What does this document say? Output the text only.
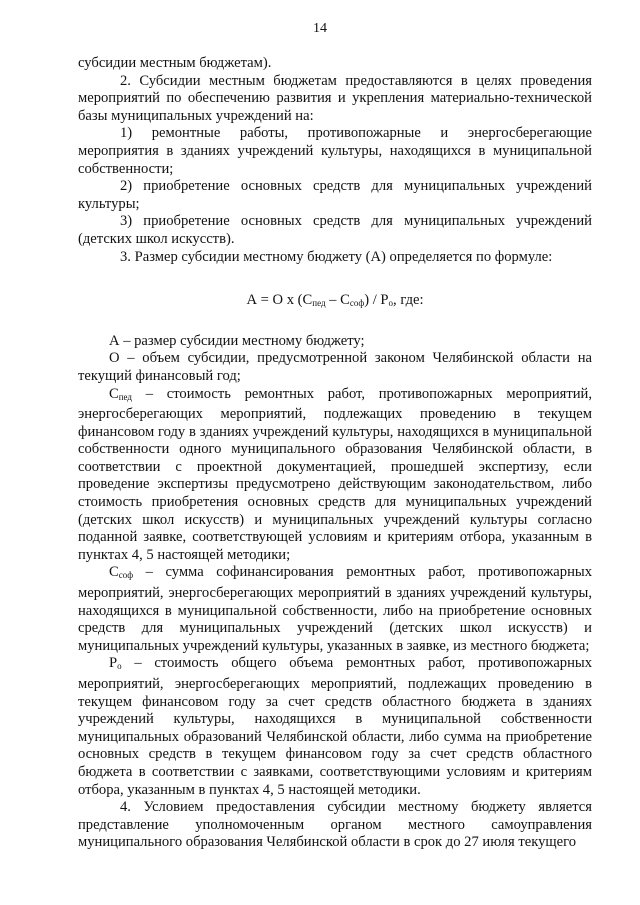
14

субсидии местным бюджетам).

2. Субсидии местным бюджетам предоставляются в целях проведения мероприятий по обеспечению развития и укрепления материально-технической базы муниципальных учреждений на:

1) ремонтные работы, противопожарные и энергосберегающие мероприятия в зданиях учреждений культуры, находящихся в муниципальной собственности;

2) приобретение основных средств для муниципальных учреждений культуры;

3) приобретение основных средств для муниципальных учреждений (детских школ искусств).

3. Размер субсидии местному бюджету (А) определяется по формуле:

А = О х $(С_{пед} - С_{соф}) / Р_о$, где:

А – размер субсидии местному бюджету;

О – объем субсидии, предусмотренной законом Челябинской области на текущий финансовый год;

$С_{пед}$ – стоимость ремонтных работ, противопожарных мероприятий, энергосберегающих мероприятий, подлежащих проведению в текущем финансовом году в зданиях учреждений культуры, находящихся в муниципальной собственности одного муниципального образования Челябинской области, в соответствии с проектной документацией, прошедшей экспертизу, если проведение экспертизы предусмотрено действующим законодательством, либо стоимость приобретения основных средств для муниципальных учреждений (детских школ искусств) и муниципальных учреждений культуры согласно поданной заявке, соответствующей условиям и критериям отбора, указанным в пунктах 4, 5 настоящей методики;

$С_{соф}$ – сумма софинансирования ремонтных работ, противопожарных мероприятий, энергосберегающих мероприятий в зданиях учреждений культуры, находящихся в муниципальной собственности, либо на приобретение основных средств для муниципальных учреждений (детских школ искусств) и муниципальных учреждений культуры, указанных в заявке, из местного бюджета;

$Р_о$ – стоимость общего объема ремонтных работ, противопожарных мероприятий, энергосберегающих мероприятий, подлежащих проведению в текущем финансовом году за счет средств областного бюджета в зданиях учреждений культуры, находящихся в муниципальной собственности муниципальных образований Челябинской области, либо сумма на приобретение основных средств в текущем финансовом году за счет средств областного бюджета в соответствии с заявками, соответствующими условиям и критериям отбора, указанным в пунктах 4, 5 настоящей методики.

4. Условием предоставления субсидии местному бюджету является представление уполномоченным органом местного самоуправления муниципального образования Челябинской области в срок до 27 июля текущего
